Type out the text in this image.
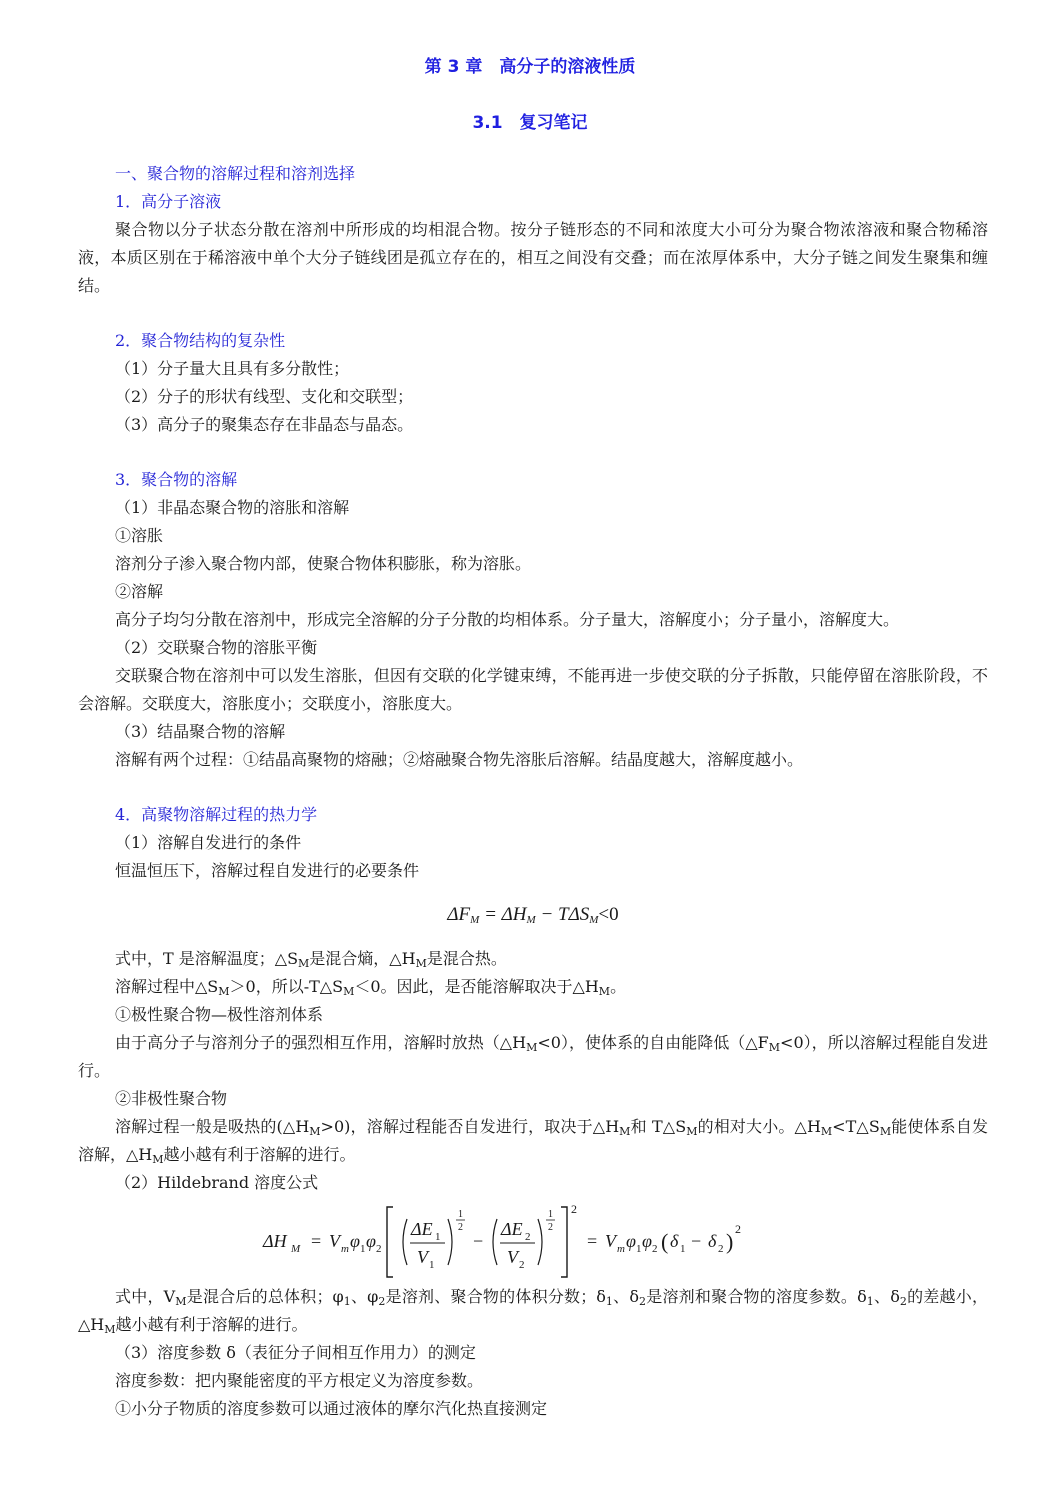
第 3 章　高分子的溶液性质
3.1　复习笔记

一、聚合物的溶解过程和溶剂选择

1．高分子溶液

聚合物以分子状态分散在溶剂中所形成的均相混合物。按分子链形态的不同和浓度大小可分为聚合物浓溶液和聚合物稀溶液，本质区别在于稀溶液中单个大分子链线团是孤立存在的，相互之间没有交叠；而在浓厚体系中，大分子链之间发生聚集和缠结。

2．聚合物结构的复杂性

（1）分子量大且具有多分散性；

（2）分子的形状有线型、支化和交联型；

（3）高分子的聚集态存在非晶态与晶态。

3．聚合物的溶解

（1）非晶态聚合物的溶胀和溶解

①溶胀

溶剂分子渗入聚合物内部，使聚合物体积膨胀，称为溶胀。

②溶解

高分子均匀分散在溶剂中，形成完全溶解的分子分散的均相体系。分子量大，溶解度小；分子量小，溶解度大。

（2）交联聚合物的溶胀平衡

交联聚合物在溶剂中可以发生溶胀，但因有交联的化学键束缚，不能再进一步使交联的分子拆散，只能停留在溶胀阶段，不会溶解。交联度大，溶胀度小；交联度小，溶胀度大。

（3）结晶聚合物的溶解

溶解有两个过程：①结晶高聚物的熔融；②熔融聚合物先溶胀后溶解。结晶度越大，溶解度越小。

4．高聚物溶解过程的热力学

（1）溶解自发进行的条件

恒温恒压下，溶解过程自发进行的必要条件

$\Delta F_M = \Delta H_M - T\Delta S_M<0$

式中，T 是溶解温度；$\triangle S_M$是混合熵，$\triangle H_M$是混合热。

溶解过程中$\triangle S_M>0$，所以$-T\triangle S_M<0$。因此，是否能溶解取决于$\triangle H_M$。

①极性聚合物—极性溶剂体系

由于高分子与溶剂分子的强烈相互作用，溶解时放热$(\triangle H_M<0)$，使体系的自由能降低$(\triangle F_M<0)$，所以溶解过程能自发进行。

②非极性聚合物

溶解过程一般是吸热的$(\triangle H_M>0)$，溶解过程能否自发进行，取决于$\triangle H_M$和 $T\triangle S_M$的相对大小。$\triangle H_M<T\triangle S_M$能使体系自发溶解，$\triangle H_M$越小越有利于溶解的进行。

（2）Hildebrand 溶度公式

ΔH M = V m φ 1 φ 2
ΔE 1
V 1
1
2
−
ΔE 2
V 2
1
2
2
= V m φ 1 φ 2 ( δ 1 − δ 2 ) 2

式中，$V_M$是混合后的总体积；$\varphi_1$、$\varphi_2$是溶剂、聚合物的体积分数；$\delta_1$、$\delta_2$是溶剂和聚合物的溶度参数。$\delta_1$、$\delta_2$的差越小，$\triangle H_M$越小越有利于溶解的进行。

（3）溶度参数 δ（表征分子间相互作用力）的测定

溶度参数：把内聚能密度的平方根定义为溶度参数。

①小分子物质的溶度参数可以通过液体的摩尔汽化热直接测定
